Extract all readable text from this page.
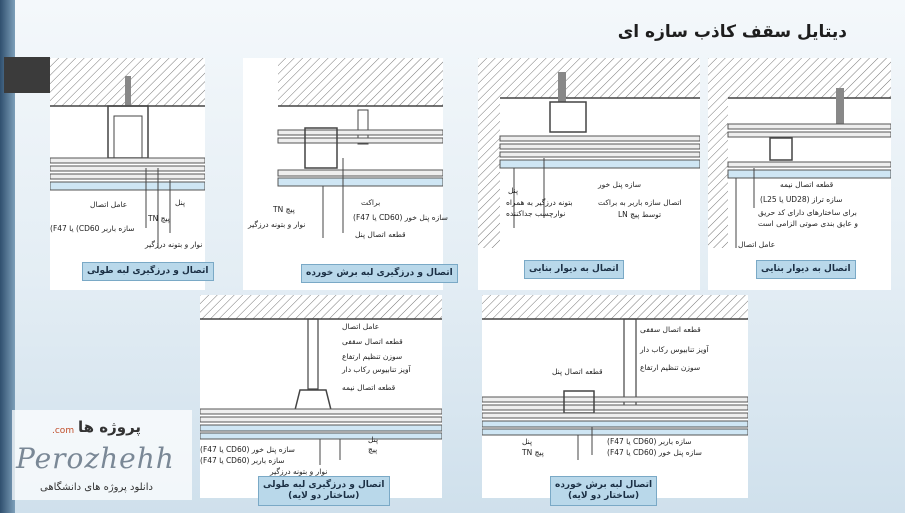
دیتایل سقف کاذب سازه ای
پنل
عامل اتصال
پیچ TN
سازه باربر CD60) یا F47)
نوار و بتونه درزگیر
اتصال و درزگیری لبه طولی
براکت
سازه پنل خور (CD60 یا F47)
پیچ TN
نوار و بتونه درزگیر
قطعه اتصال پنل
اتصال و درزگیری لبه برش خورده
پنل
بتونه درزگیر به همراه
نوارچسب جداکننده
سازه پنل خور
اتصال سازه باربر به براکت
توسط پیچ LN
اتصال به دیوار بنایی
قطعه اتصال نیمه
سازه تراز (UD28 یا L25)
برای ساختارهای دارای کد حریق
و عایق بندی صوتی الزامی است
عامل اتصال
اتصال به دیوار بنایی
عامل اتصال
قطعه اتصال سقفی
سوزن تنظیم ارتفاع
آویز تنابیوس رکاب دار
قطعه اتصال نیمه
پنل
پیچ
سازه پنل خور (CD60 یا F47)
سازه باربر (CD60 یا F47)
نوار و بتونه درزگیر
اتصال و درزگیری لبه طولی
(ساختار دو لایه)
قطعه اتصال سقفی
آویز تنابیوس رکاب دار
سوزن تنظیم ارتفاع
قطعه اتصال پنل
پنل
پیچ TN
سازه باربر (CD60 یا F47)
سازه پنل خور (CD60 یا F47)
اتصال لبه برش خورده
(ساختار دو لایه)
پروژه ها
.com
Perozhehh
دانلود پروژه های دانشگاهی
